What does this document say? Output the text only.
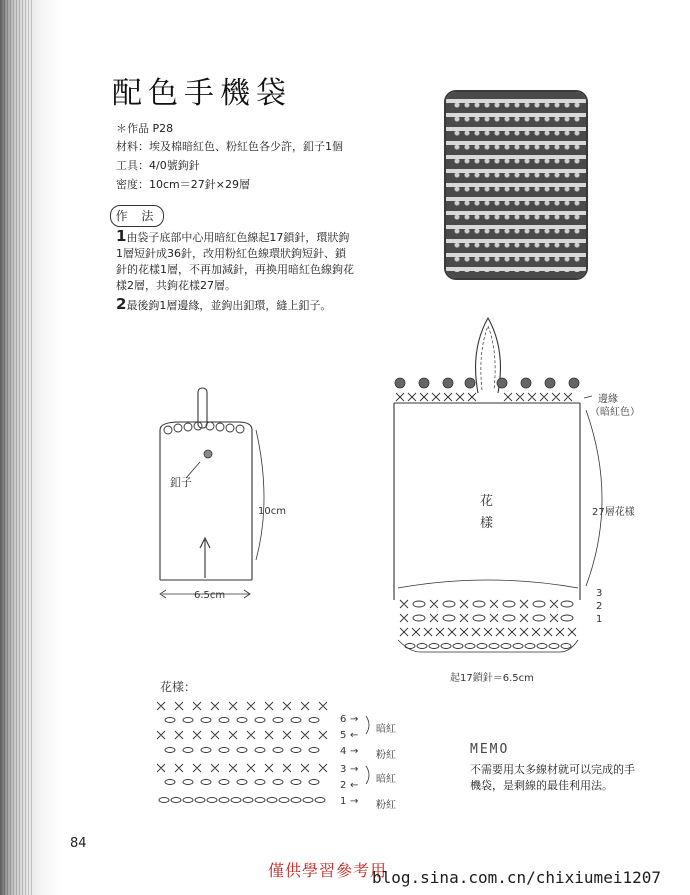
配色手機袋
＊作品 P28
材料：埃及棉暗紅色、粉紅色各少許，釦子1個
工具：4/0號鉤針
密度：10cm＝27針×29層
作 法
1由袋子底部中心用暗紅色線起17鎖針，環狀鉤1層短針成36針，改用粉紅色線環狀鉤短針、鎖針的花樣1層，不再加減針，再換用暗紅色線鉤花樣2層，共鉤花樣27層。
2最後鉤1層邊緣，並鉤出釦環，縫上釦子。
釦子
10cm
6.5cm
邊緣
（暗紅色）
花
樣
27層花樣
起17鎖針＝6.5cm
3
2
1
花樣：
6 →
暗紅
5 ←
4 → 粉紅
3 →
暗紅
2 ←
1 → 粉紅
MEMO
不需要用太多線材就可以完成的手機袋，是剩線的最佳利用法。
84
僅供學習參考用
blog.sina.com.cn/chixiumei1207
